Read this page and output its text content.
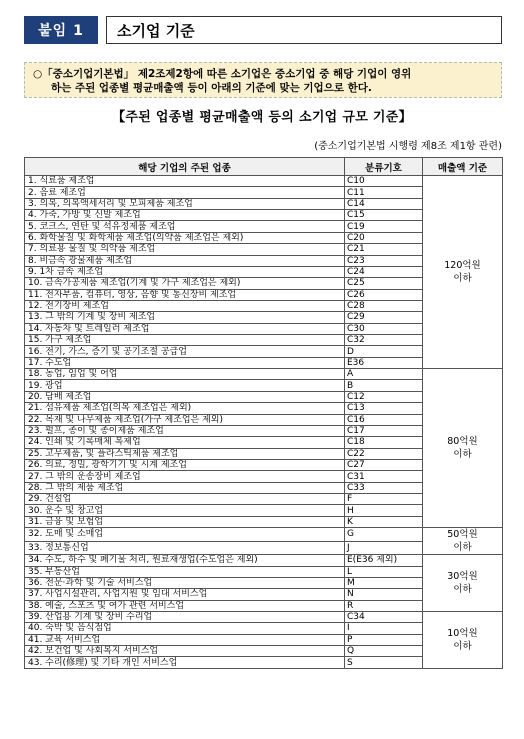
붙임 1	소기업 기준
○「중소기업기본법」 제2조제2항에 따른 소기업은 중소기업 중 해당 기업이 영위
하는 주된 업종별 평균매출액 등이 아래의 기준에 맞는 기업으로 한다.
【주된 업종별 평균매출액 등의 소기업 규모 기준】
(중소기업기본법 시행령 제8조 제1항 관련)
해당 기업의 주된 업종	분류기호	매출액 기준
1. 식료품 제조업	C10	120억원
이하

2. 음료 제조업	C11	
3. 의복, 의복액세서리 및 모피제품 제조업	C14	
4. 가죽, 가방 및 신발 제조업	C15	
5. 코크스, 연탄 및 석유정제품 제조업	C19	
6. 화학물질 및 화학제품 제조업(의약품 제조업은 제외)	C20	
7. 의료용 물질 및 의약품 제조업	C21	
8. 비금속 광물제품 제조업	C23	
9. 1차 금속 제조업	C24	
10. 금속가공제품 제조업(기계 및 가구 제조업은 제외)	C25	
11. 전자부품, 컴퓨터, 영상, 음향 및 통신장비 제조업	C26	
12. 전기장비 제조업	C28	
13. 그 밖의 기계 및 장비 제조업	C29	
14. 자동차 및 트레일러 제조업	C30	
15. 가구 제조업	C32	
16. 전기, 가스, 증기 및 공기조절 공급업	D	
17. 수도업	E36	
18. 농업, 임업 및 어업	A	80억원
이하

19. 광업	B	
20. 담배 제조업	C12	
21. 섬유제품 제조업(의복 제조업은 제외)	C13	
22. 목재 및 나무제품 제조업(가구 제조업은 제외)	C16	
23. 펄프, 종이 및 종이제품 제조업	C17	
24. 인쇄 및 기록매체 복제업	C18	
25. 고무제품, 및 플라스틱제품 제조업	C22	
26. 의료, 정밀, 광학기기 및 시계 제조업	C27	
27. 그 밖의 운송장비 제조업	C31	
28. 그 밖의 제품 제조업	C33	
29. 건설업	F	
30. 운수 및 창고업	H	
31. 금융 및 보험업	K	
32. 도매 및 소매업	G	50억원
이하

33. 정보통신업	J	
34. 수도, 하수 및 폐기물 처리, 원료재생업(수도업은 제외)	E(E36 제외)	30억원
이하

35. 부동산업	L	
36. 전문·과학 및 기술 서비스업	M	
37. 사업시설관리, 사업지원 및 임대 서비스업	N	
38. 예술, 스포츠 및 여가 관련 서비스업	R	
39. 산업용 기계 및 장비 수리업	C34	10억원
이하

40. 숙박 및 음식점업	I	
41. 교육 서비스업	P	
42. 보건업 및 사회복지 서비스업	Q	
43. 수리(修理) 및 기타 개인 서비스업	S	
